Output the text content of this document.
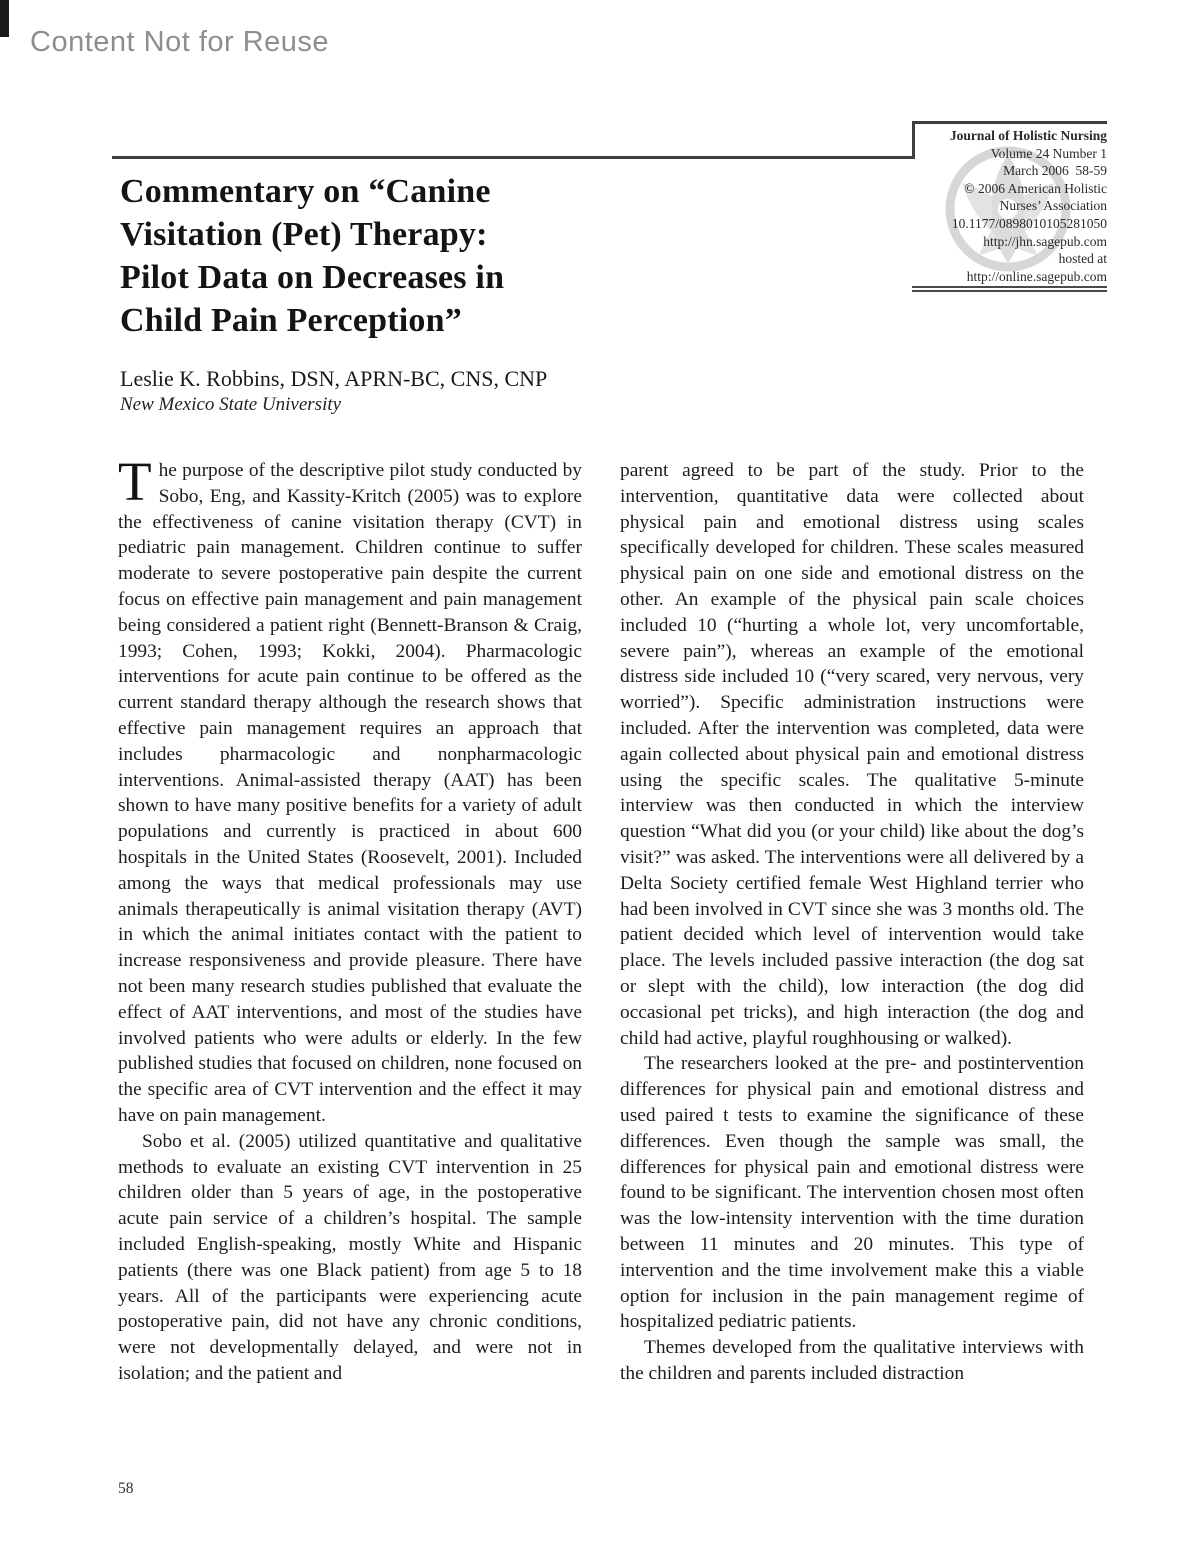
Content Not for Reuse
Journal of Holistic Nursing
Volume 24 Number 1
March 2006  58-59
© 2006 American Holistic
Nurses’ Association
10.1177/0898010105281050
http://jhn.sagepub.com
hosted at
http://online.sagepub.com
Commentary on “Canine
Visitation (Pet) Therapy:
Pilot Data on Decreases in
Child Pain Perception”
Leslie K. Robbins, DSN, APRN-BC, CNS, CNP
New Mexico State University

The purpose of the descriptive pilot study conducted by Sobo, Eng, and Kassity-Kritch (2005) was to explore the effectiveness of canine visitation therapy (CVT) in pediatric pain management. Children continue to suffer moderate to severe postoperative pain despite the current focus on effective pain management and pain management being considered a patient right (Bennett-Branson & Craig, 1993; Cohen, 1993; Kokki, 2004). Pharmacologic interventions for acute pain continue to be offered as the current standard therapy although the research shows that effective pain management requires an approach that includes pharmacologic and nonpharmacologic interventions. Animal-assisted therapy (AAT) has been shown to have many positive benefits for a variety of adult populations and currently is practiced in about 600 hospitals in the United States (Roosevelt, 2001). Included among the ways that medical professionals may use animals therapeutically is animal visitation therapy (AVT) in which the animal initiates contact with the patient to increase responsiveness and provide pleasure. There have not been many research studies published that evaluate the effect of AAT interventions, and most of the studies have involved patients who were adults or elderly. In the few published studies that focused on children, none focused on the specific area of CVT intervention and the effect it may have on pain management.

Sobo et al. (2005) utilized quantitative and qualitative methods to evaluate an existing CVT intervention in 25 children older than 5 years of age, in the postoperative acute pain service of a children’s hospital. The sample included English-speaking, mostly White and Hispanic patients (there was one Black patient) from age 5 to 18 years. All of the participants were experiencing acute postoperative pain, did not have any chronic conditions, were not developmentally delayed, and were not in isolation; and the patient and

parent agreed to be part of the study. Prior to the intervention, quantitative data were collected about physical pain and emotional distress using scales specifically developed for children. These scales measured physical pain on one side and emotional distress on the other. An example of the physical pain scale choices included 10 (“hurting a whole lot, very uncomfortable, severe pain”), whereas an example of the emotional distress side included 10 (“very scared, very nervous, very worried”). Specific administration instructions were included. After the intervention was completed, data were again collected about physical pain and emotional distress using the specific scales. The qualitative 5-minute interview was then conducted in which the interview question “What did you (or your child) like about the dog’s visit?” was asked. The interventions were all delivered by a Delta Society certified female West Highland terrier who had been involved in CVT since she was 3 months old. The patient decided which level of intervention would take place. The levels included passive interaction (the dog sat or slept with the child), low interaction (the dog did occasional pet tricks), and high interaction (the dog and child had active, playful roughhousing or walked).

The researchers looked at the pre- and postintervention differences for physical pain and emotional distress and used paired t tests to examine the significance of these differences. Even though the sample was small, the differences for physical pain and emotional distress were found to be significant. The intervention chosen most often was the low-intensity intervention with the time duration between 11 minutes and 20 minutes. This type of intervention and the time involvement make this a viable option for inclusion in the pain management regime of hospitalized pediatric patients.

Themes developed from the qualitative interviews with the children and parents included distraction

58
